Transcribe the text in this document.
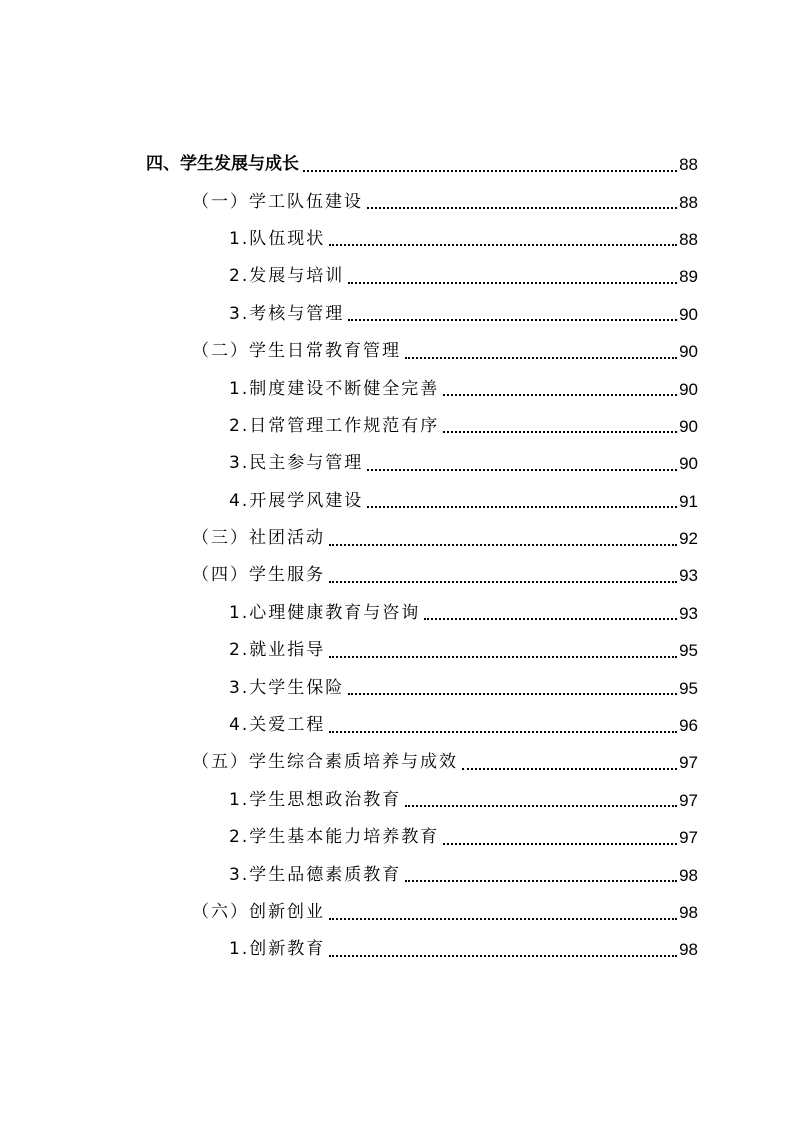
四、学生发展与成长	88
（一）学工队伍建设	88
1.队伍现状	88
2.发展与培训	89
3.考核与管理	90
（二）学生日常教育管理	90
1.制度建设不断健全完善	90
2.日常管理工作规范有序	90
3.民主参与管理	90
4.开展学风建设	91
（三）社团活动	92
（四）学生服务	93
1.心理健康教育与咨询	93
2.就业指导	95
3.大学生保险	95
4.关爱工程	96
（五）学生综合素质培养与成效	97
1.学生思想政治教育	97
2.学生基本能力培养教育	97
3.学生品德素质教育	98
（六）创新创业	98
1.创新教育	98
